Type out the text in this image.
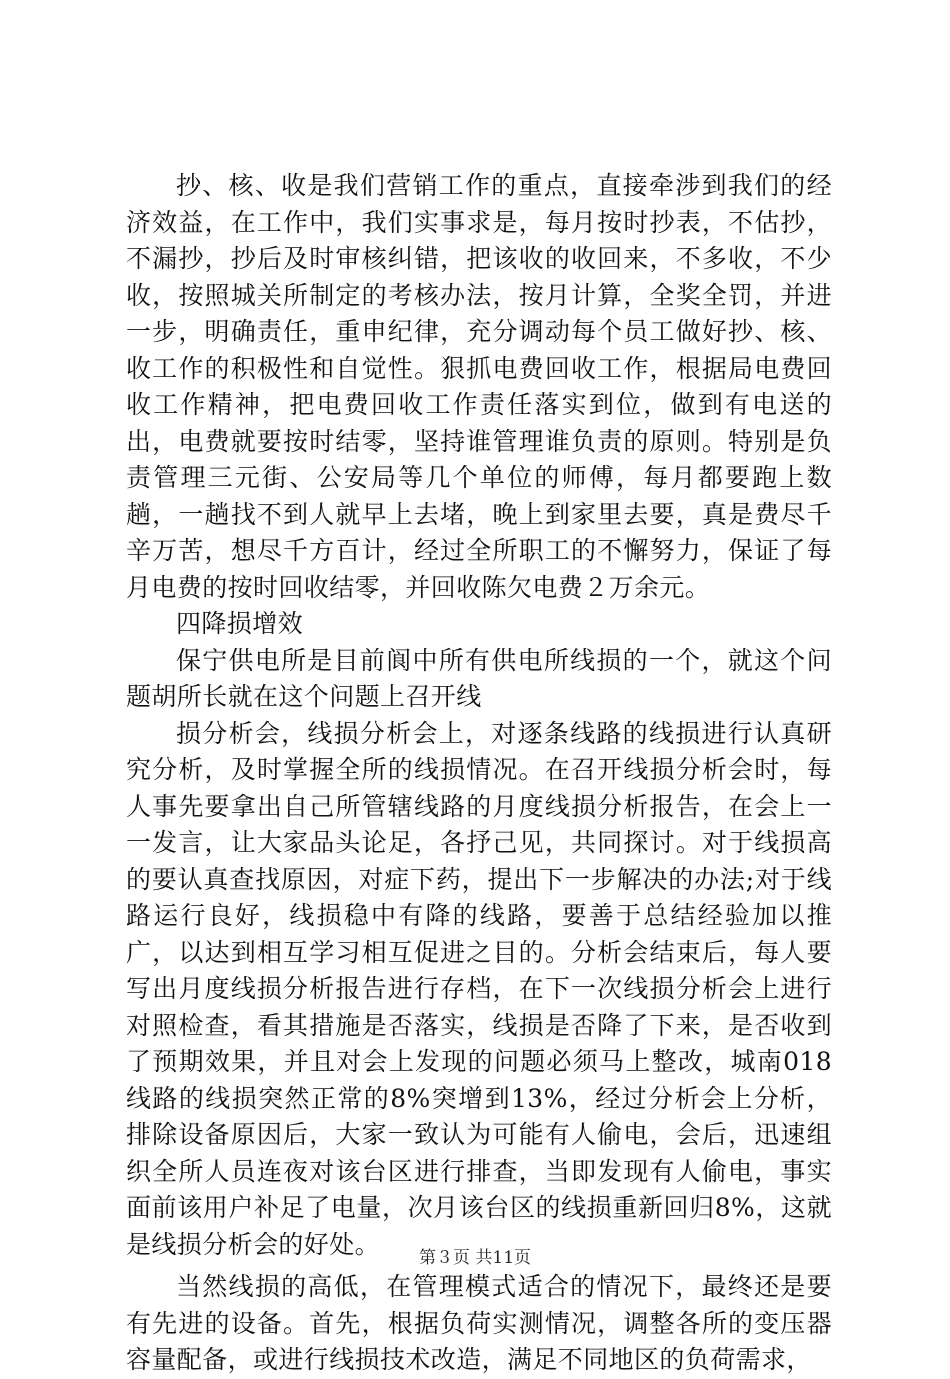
抄、核、收是我们营销工作的重点，直接牵涉到我们的经济效益，在工作中，我们实事求是，每月按时抄表，不估抄，不漏抄，抄后及时审核纠错，把该收的收回来，不多收，不少收，按照城关所制定的考核办法，按月计算，全奖全罚，并进一步，明确责任，重申纪律，充分调动每个员工做好抄、核、收工作的积极性和自觉性。狠抓电费回收工作，根据局电费回收工作精神，把电费回收工作责任落实到位，做到有电送的出，电费就要按时结零，坚持谁管理谁负责的原则。特别是负责管理三元街、公安局等几个单位的师傅，每月都要跑上数趟，一趟找不到人就早上去堵，晚上到家里去要，真是费尽千辛万苦，想尽千方百计，经过全所职工的不懈努力，保证了每月电费的按时回收结零，并回收陈欠电费２万余元。

四降损增效

保宁供电所是目前阆中所有供电所线损的一个，就这个问题胡所长就在这个问题上召开线

损分析会，线损分析会上，对逐条线路的线损进行认真研究分析，及时掌握全所的线损情况。在召开线损分析会时，每人事先要拿出自己所管辖线路的月度线损分析报告，在会上一一发言，让大家品头论足，各抒己见，共同探讨。对于线损高的要认真查找原因，对症下药，提出下一步解决的办法;对于线路运行良好，线损稳中有降的线路，要善于总结经验加以推广，以达到相互学习相互促进之目的。分析会结束后，每人要写出月度线损分析报告进行存档，在下一次线损分析会上进行对照检查，看其措施是否落实，线损是否降了下来，是否收到了预期效果，并且对会上发现的问题必须马上整改，城南018线路的线损突然正常的8%突增到13%，经过分析会上分析，排除设备原因后，大家一致认为可能有人偷电，会后，迅速组织全所人员连夜对该台区进行排查，当即发现有人偷电，事实面前该用户补足了电量，次月该台区的线损重新回归8%，这就是线损分析会的好处。

当然线损的高低，在管理模式适合的情况下，最终还是要有先进的设备。首先，根据负荷实测情况，调整各所的变压器容量配备，或进行线损技术改造，满足不同地区的负荷需求，

第３页 共11页
